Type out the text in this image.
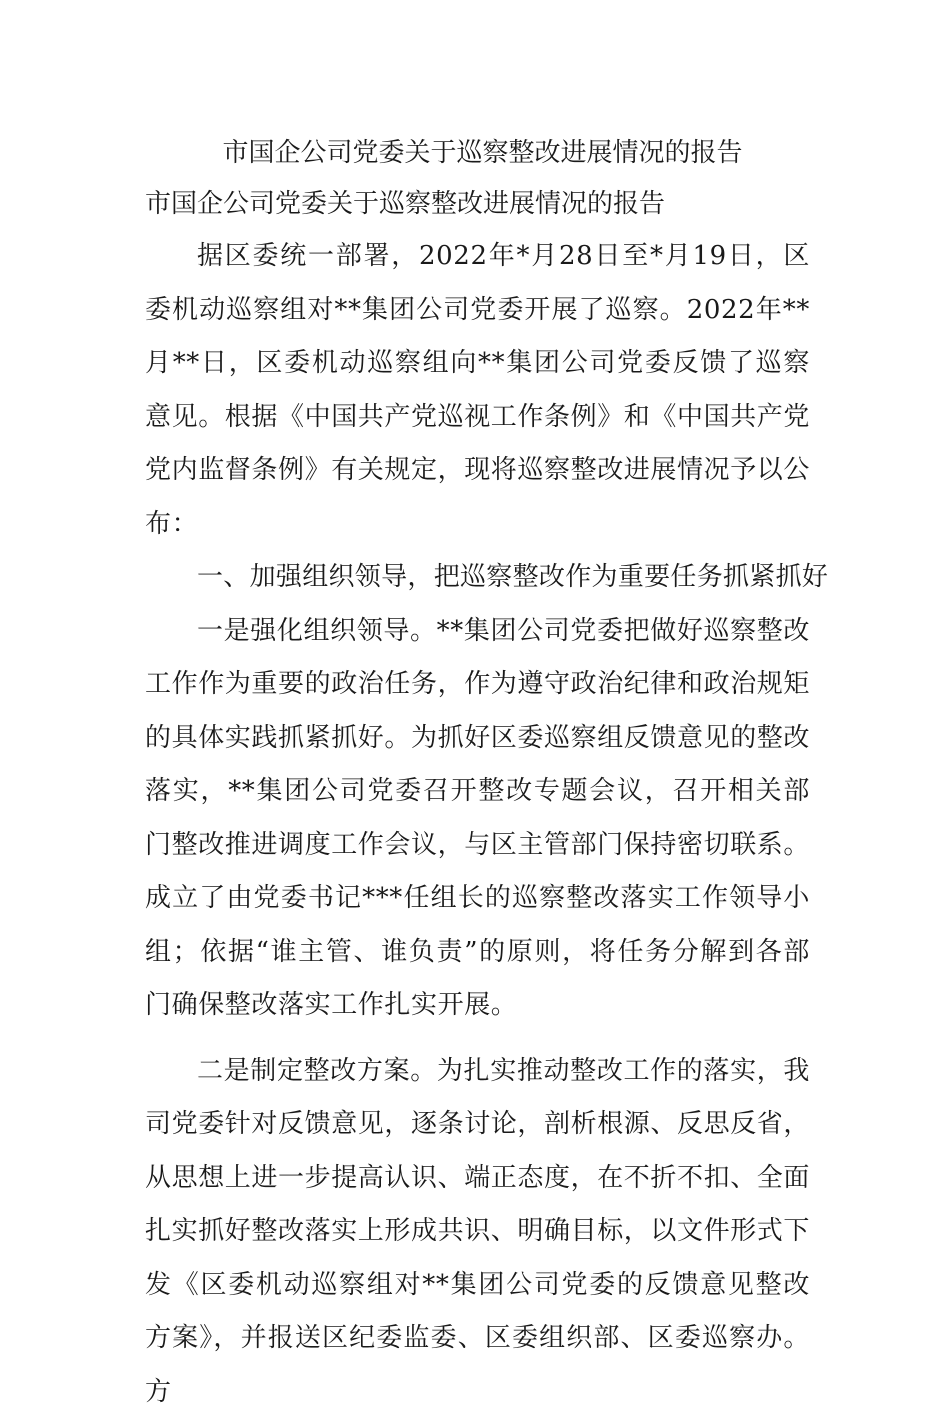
市国企公司党委关于巡察整改进展情况的报告

市国企公司党委关于巡察整改进展情况的报告

据区委统一部署，2022年*月28日至*月19日，区委机动巡察组对**集团公司党委开展了巡察。2022年**月**日，区委机动巡察组向**集团公司党委反馈了巡察意见。根据《中国共产党巡视工作条例》和《中国共产党党内监督条例》有关规定，现将巡察整改进展情况予以公布：

一、加强组织领导，把巡察整改作为重要任务抓紧抓好

一是强化组织领导。**集团公司党委把做好巡察整改工作作为重要的政治任务，作为遵守政治纪律和政治规矩的具体实践抓紧抓好。为抓好区委巡察组反馈意见的整改落实，**集团公司党委召开整改专题会议，召开相关部门整改推进调度工作会议，与区主管部门保持密切联系。成立了由党委书记***任组长的巡察整改落实工作领导小组；依据“谁主管、谁负责”的原则，将任务分解到各部门确保整改落实工作扎实开展。

二是制定整改方案。为扎实推动整改工作的落实，我司党委针对反馈意见，逐条讨论，剖析根源、反思反省，从思想上进一步提高认识、端正态度，在不折不扣、全面扎实抓好整改落实上形成共识、明确目标，以文件形式下发《区委机动巡察组对**集团公司党委的反馈意见整改方案》，并报送区纪委监委、区委组织部、区委巡察办。方
